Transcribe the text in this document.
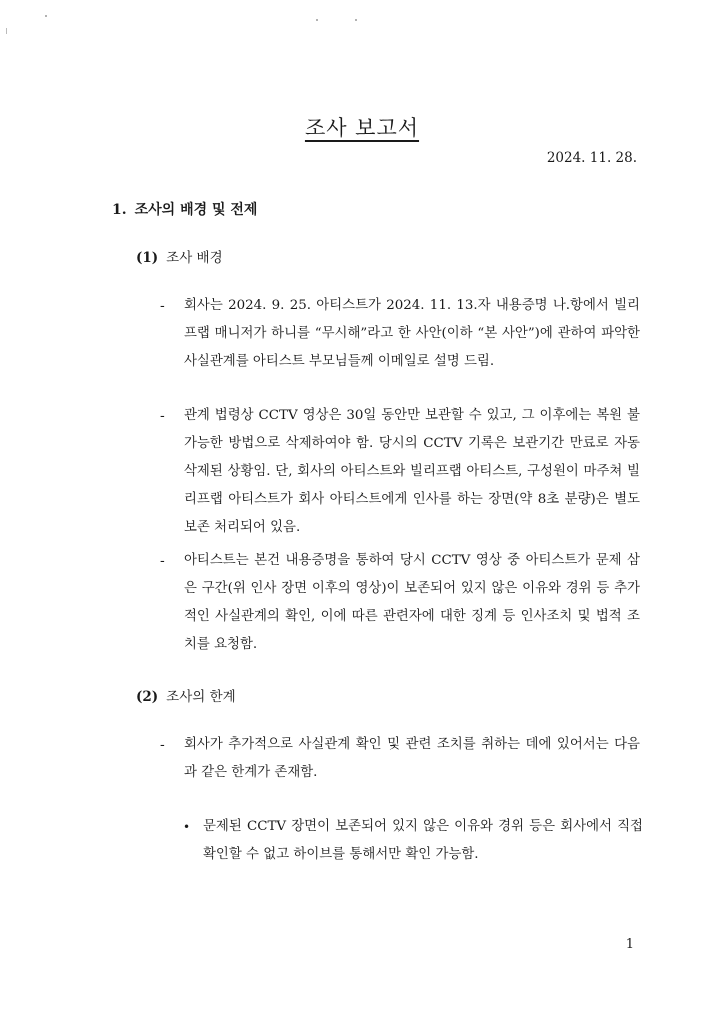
조사 보고서
2024. 11. 28.
1. 조사의 배경 및 전제
(1) 조사 배경
- 회사는 2024. 9. 25. 아티스트가 2024. 11. 13.자 내용증명 나.항에서 빌리프랩 매니저가 하니를 “무시해”라고 한 사안(이하 “본 사안”)에 관하여 파악한 사실관계를 아티스트 부모님들께 이메일로 설명 드림.
- 관계 법령상 CCTV 영상은 30일 동안만 보관할 수 있고, 그 이후에는 복원 불가능한 방법으로 삭제하여야 함. 당시의 CCTV 기록은 보관기간 만료로 자동 삭제된 상황임. 단, 회사의 아티스트와 빌리프랩 아티스트, 구성원이 마주쳐 빌리프랩 아티스트가 회사 아티스트에게 인사를 하는 장면(약 8초 분량)은 별도 보존 처리되어 있음.
- 아티스트는 본건 내용증명을 통하여 당시 CCTV 영상 중 아티스트가 문제 삼은 구간(위 인사 장면 이후의 영상)이 보존되어 있지 않은 이유와 경위 등 추가적인 사실관계의 확인, 이에 따른 관련자에 대한 징계 등 인사조치 및 법적 조치를 요청함.
(2) 조사의 한계
- 회사가 추가적으로 사실관계 확인 및 관련 조치를 취하는 데에 있어서는 다음과 같은 한계가 존재함.
• 문제된 CCTV 장면이 보존되어 있지 않은 이유와 경위 등은 회사에서 직접 확인할 수 없고 하이브를 통해서만 확인 가능함.
1
